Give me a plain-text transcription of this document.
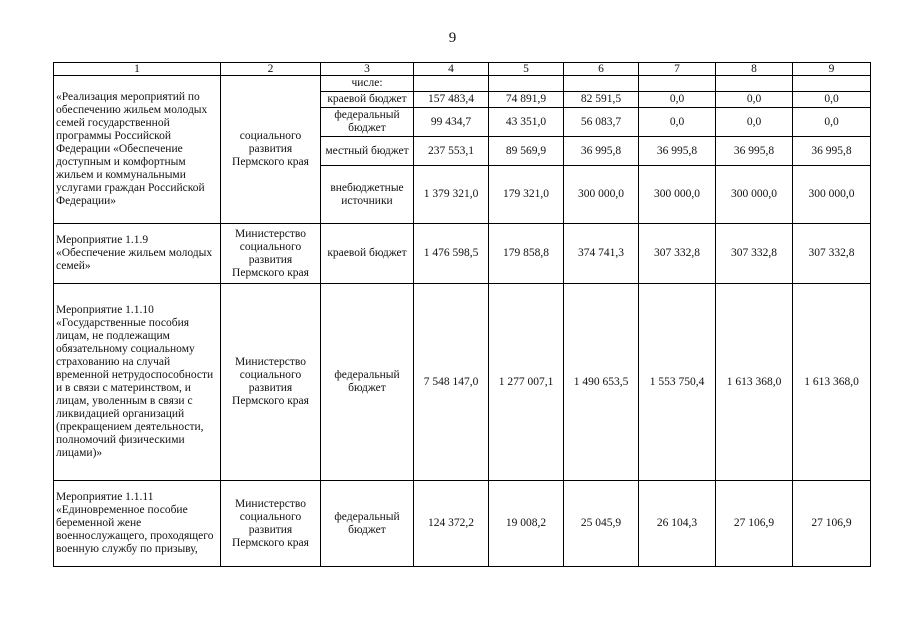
9
1	2	3	4	5	6	7	8	9
«Реализация мероприятий по обеспечению жильем молодых семей государственной программы Российской Федерации «Обеспечение доступным и комфортным жильем и коммунальными услугами граждан Российской Федерации»	социального развития Пермского края	числе:						
		краевой бюджет	157 483,4	74 891,9	82 591,5	0,0	0,0	0,0
		федеральный бюджет	99 434,7	43 351,0	56 083,7	0,0	0,0	0,0
		местный бюджет	237 553,1	89 569,9	36 995,8	36 995,8	36 995,8	36 995,8
		внебюджетные источники	1 379 321,0	179 321,0	300 000,0	300 000,0	300 000,0	300 000,0
Мероприятие 1.1.9 «Обеспечение жильем молодых семей»	Министерство социального развития Пермского края	краевой бюджет	1 476 598,5	179 858,8	374 741,3	307 332,8	307 332,8	307 332,8
Мероприятие 1.1.10 «Государственные пособия лицам, не подлежащим обязательному социальному страхованию на случай временной нетрудоспособности и в связи с материнством, и лицам, уволенным в связи с ликвидацией организаций (прекращением деятельности, полномочий физическими лицами)»	Министерство социального развития Пермского края	федеральный бюджет	7 548 147,0	1 277 007,1	1 490 653,5	1 553 750,4	1 613 368,0	1 613 368,0
Мероприятие 1.1.11 «Единовременное пособие беременной жене военнослужащего, проходящего военную службу по призыву,	Министерство социального развития Пермского края	федеральный бюджет	124 372,2	19 008,2	25 045,9	26 104,3	27 106,9	27 106,9
